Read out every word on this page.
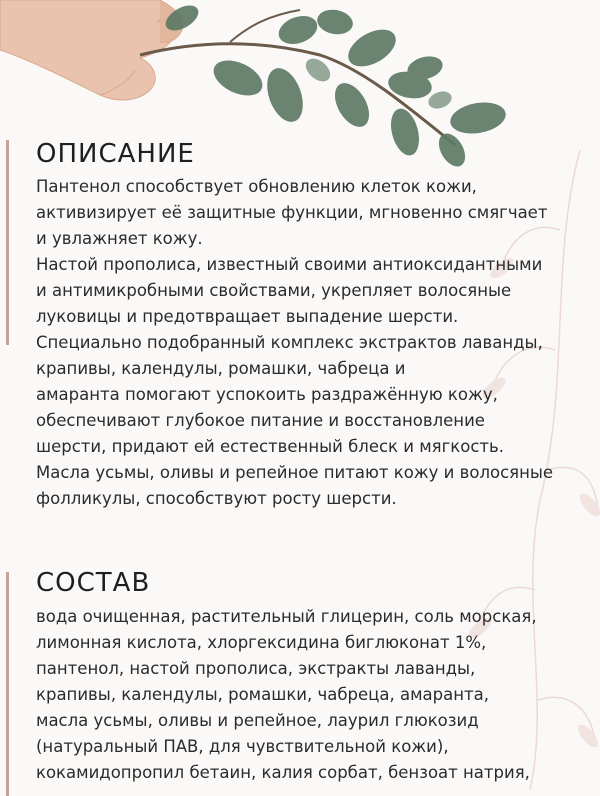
ОПИСАНИЕ
Пантенол способствует обновлению клеток кожи,
активизирует её защитные функции, мгновенно смягчает
и увлажняет кожу.
Настой прополиса, известный своими антиоксидантными
и антимикробными свойствами, укрепляет волосяные
луковицы и предотвращает выпадение шерсти.
Специально подобранный комплекс экстрактов лаванды,
крапивы, календулы, ромашки, чабреца и
амаранта помогают успокоить раздражённую кожу,
обеспечивают глубокое питание и восстановление
шерсти, придают ей естественный блеск и мягкость.
Масла усьмы, оливы и репейное питают кожу и волосяные
фолликулы, способствуют росту шерсти.
СОСТАВ
вода очищенная, растительный глицерин, соль морская,
лимонная кислота, хлоргексидина биглюконат 1%,
пантенол, настой прополиса, экстракты лаванды,
крапивы, календулы, ромашки, чабреца, амаранта,
масла усьмы, оливы и репейное, лаурил глюкозид
(натуральный ПАВ, для чувствительной кожи),
кокамидопропил бетаин, калия сорбат, бензоат натрия,
